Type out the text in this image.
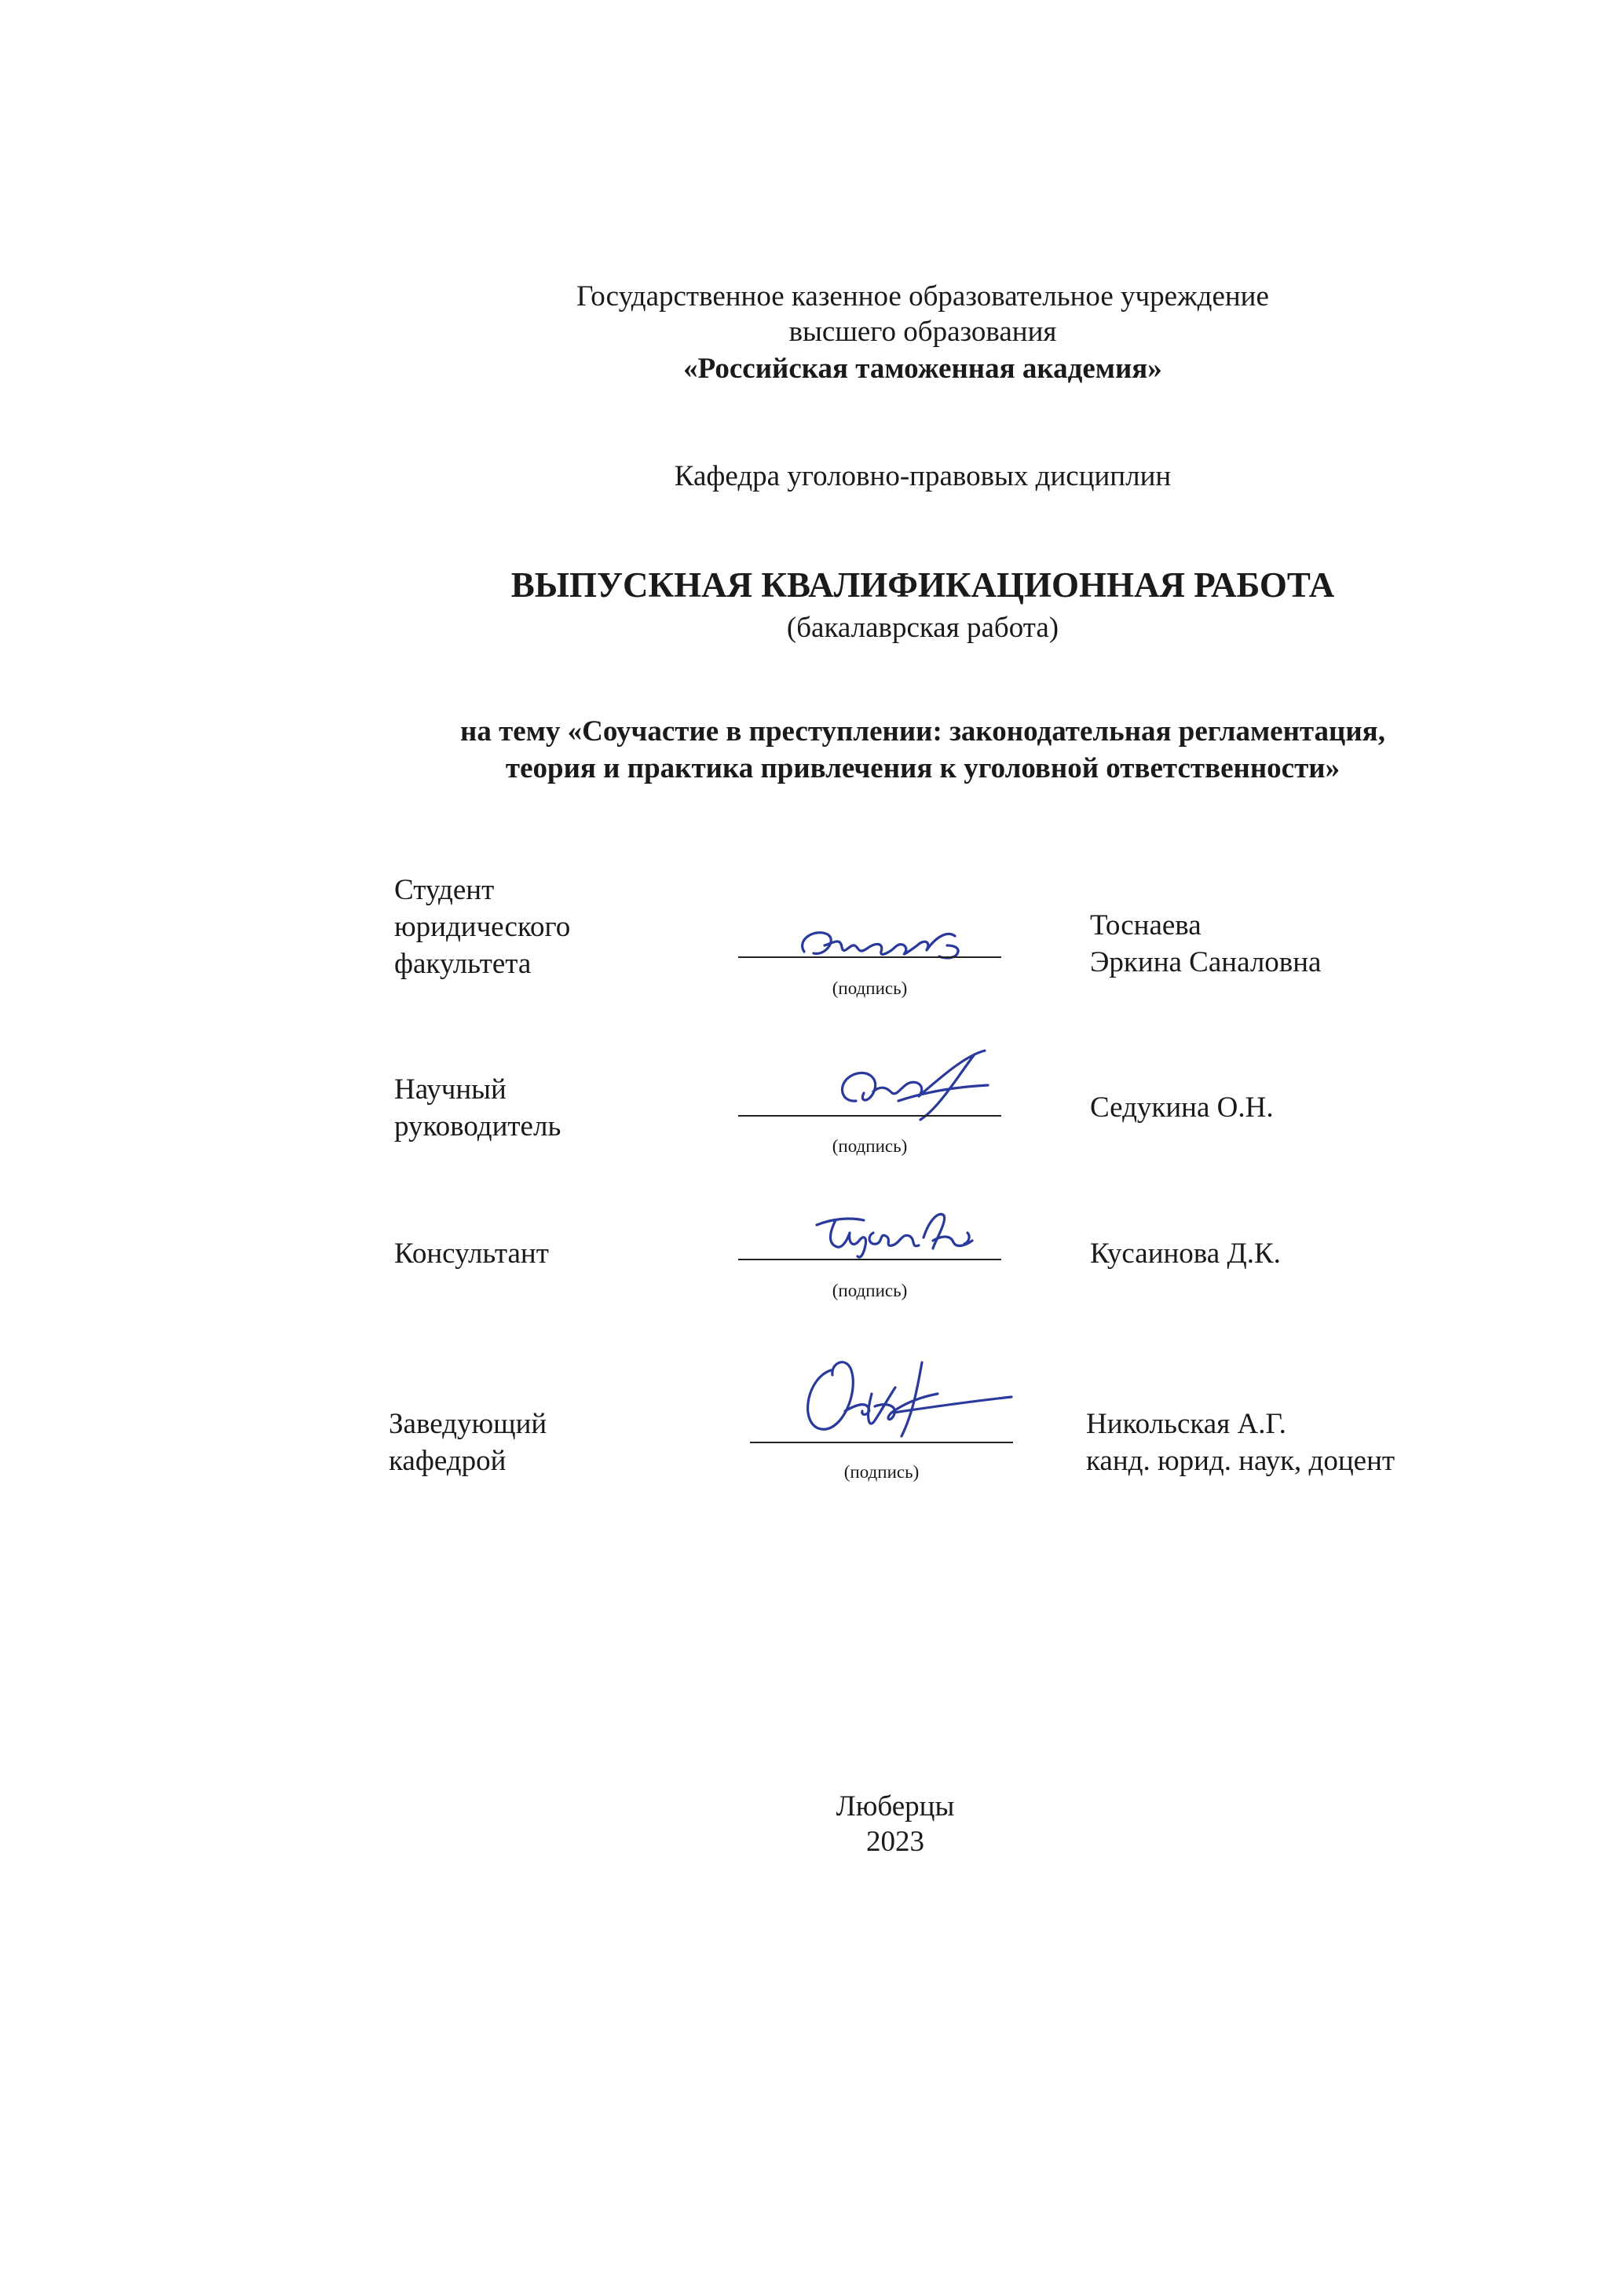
Государственное казенное образовательное учреждение
высшего образования
«Российская таможенная академия»
Кафедра уголовно-правовых дисциплин
ВЫПУСКНАЯ КВАЛИФИКАЦИОННАЯ РАБОТА
(бакалаврская работа)
на тему «Соучастие в преступлении: законодательная регламентация,
теория и практика привлечения к уголовной ответственности»
Студент
юридического
факультета
(подпись)
Тоснаева
Эркина Саналовна
Научный
руководитель
(подпись)
Седукина О.Н.
Консультант
(подпись)
Кусаинова Д.К.
Заведующий
кафедрой	(подпись)
Никольская А.Г.
канд. юрид. наук, доцент
Люберцы
2023
